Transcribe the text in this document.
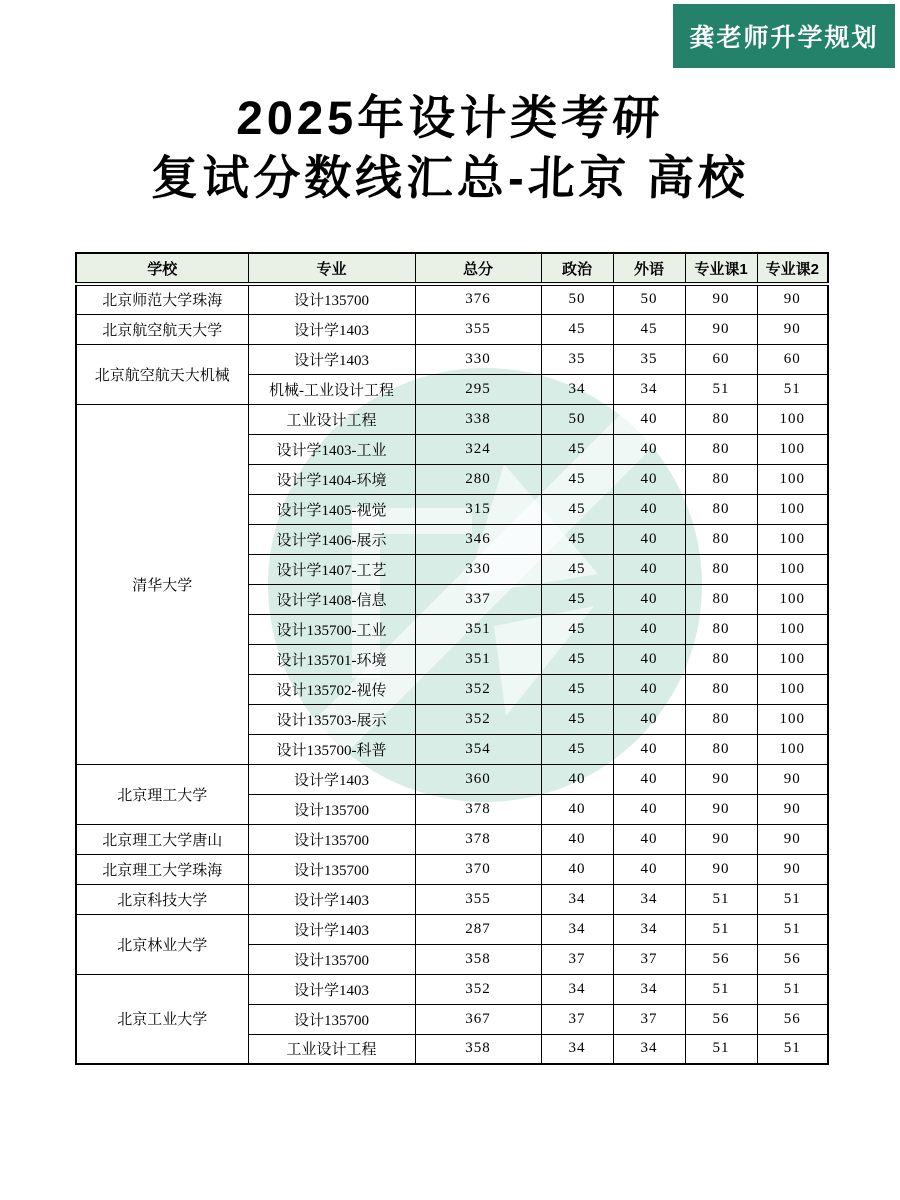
龚老师升学规划
2025年设计类考研
复试分数线汇总-北京 高校
学校	专业	总分	政治	外语	专业课1	专业课2
北京师范大学珠海	设计135700	376	50	50	90	90
北京航空航天大学	设计学1403	355	45	45	90	90
北京航空航天大机械	设计学1403	330	35	35	60	60
	机械-工业设计工程	295	34	34	51	51
清华大学	工业设计工程	338	50	40	80	100
	设计学1403-工业	324	45	40	80	100
	设计学1404-环境	280	45	40	80	100
	设计学1405-视觉	315	45	40	80	100
	设计学1406-展示	346	45	40	80	100
	设计学1407-工艺	330	45	40	80	100
	设计学1408-信息	337	45	40	80	100
	设计135700-工业	351	45	40	80	100
	设计135701-环境	351	45	40	80	100
	设计135702-视传	352	45	40	80	100
	设计135703-展示	352	45	40	80	100
	设计135700-科普	354	45	40	80	100
北京理工大学	设计学1403	360	40	40	90	90
	设计135700	378	40	40	90	90
北京理工大学唐山	设计135700	378	40	40	90	90
北京理工大学珠海	设计135700	370	40	40	90	90
北京科技大学	设计学1403	355	34	34	51	51
北京林业大学	设计学1403	287	34	34	51	51
	设计135700	358	37	37	56	56
北京工业大学	设计学1403	352	34	34	51	51
	设计135700	367	37	37	56	56
	工业设计工程	358	34	34	51	51
